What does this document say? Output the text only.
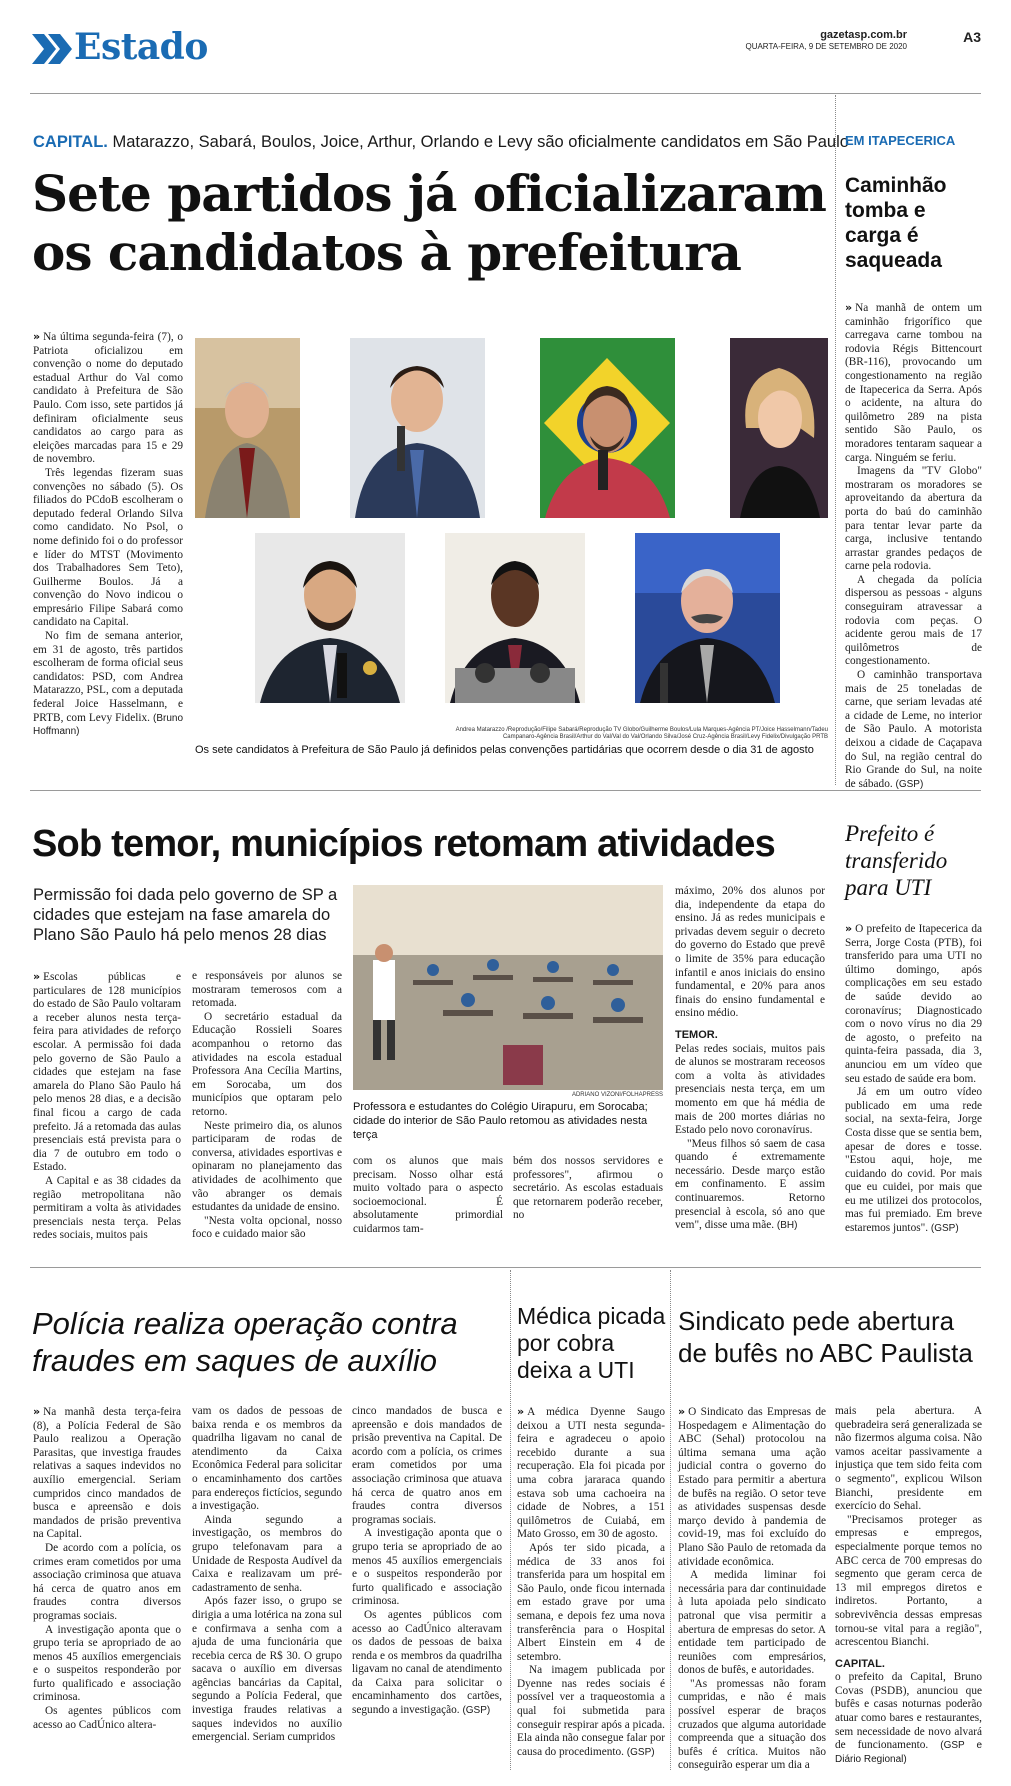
Estado	gazetasp.com.br
QUARTA-FEIRA, 9 DE SETEMBRO DE 2020
A3
CAPITAL. Matarazzo, Sabará, Boulos, Joice, Arthur, Orlando e Levy são oficialmente candidatos em São Paulo
Sete partidos já oficializaram
os candidatos à prefeitura

» Na última segunda-feira (7), o Patriota oficializou em convenção o nome do deputado estadual Arthur do Val como candidato à Prefeitura de São Paulo. Com isso, sete partidos já definiram oficialmente seus candidatos ao cargo para as eleições marcadas para 15 e 29 de novembro.

Três legendas fizeram suas convenções no sábado (5). Os filiados do PCdoB escolheram o deputado federal Orlando Silva como candidato. No Psol, o nome definido foi o do professor e líder do MTST (Movimento dos Trabalhadores Sem Teto), Guilherme Boulos. Já a convenção do Novo indicou o empresário Filipe Sabará como candidato na Capital.

No fim de semana anterior, em 31 de agosto, três partidos escolheram de forma oficial seus candidatos: PSD, com Andrea Matarazzo, PSL, com a deputada federal Joice Hasselmann, e PRTB, com Levy Fidelix. (Bruno Hoffmann)	Andrea Matarazzo /Reprodução/Filipe Sabará/Reprodução TV Globo/Guilherme Boulos/Lula Marques-Agência PT/Joice Hasselmann/Tadeu
Campanaro-Agência Brasil/Arthur do Val/Val do Val/Orlando Silva/José Cruz-Agência Brasil/Levy Fidelix/Divulgação PRTB
Os sete candidatos à Prefeitura de São Paulo já definidos pelas convenções partidárias que ocorrem desde o dia 31 de agosto
EM ITAPECERICA
Caminhão
tomba e
carga é
saqueada

» Na manhã de ontem um caminhão frigorífico que carregava carne tombou na rodovia Régis Bittencourt (BR-116), provocando um congestionamento na região de Itapecerica da Serra. Após o acidente, na altura do quilômetro 289 na pista sentido São Paulo, os moradores tentaram saquear a carga. Ninguém se feriu.

Imagens da "TV Globo" mostraram os moradores se aproveitando da abertura da porta do baú do caminhão para tentar levar parte da carga, inclusive tentando arrastar grandes pedaços de carne pela rodovia.

A chegada da polícia dispersou as pessoas - alguns conseguiram atravessar a rodovia com peças. O acidente gerou mais de 17 quilômetros de congestionamento.

O caminhão transportava mais de 25 toneladas de carne, que seriam levadas até a cidade de Leme, no interior de São Paulo. A motorista deixou a cidade de Caçapava do Sul, na região central do Rio Grande do Sul, na noite de sábado. (GSP)

Sob temor, municípios retomam atividades
Permissão foi dada pelo governo de SP a cidades que estejam na fase amarela do Plano São Paulo há pelo menos 28 dias

» Escolas públicas e particulares de 128 municípios do estado de São Paulo voltaram a receber alunos nesta terça-feira para atividades de reforço escolar. A permissão foi dada pelo governo de São Paulo a cidades que estejam na fase amarela do Plano São Paulo há pelo menos 28 dias, e a decisão final ficou a cargo de cada prefeito. Já a retomada das aulas presenciais está prevista para o dia 7 de outubro em todo o Estado.

A Capital e as 38 cidades da região metropolitana não permitiram a volta às atividades presenciais nesta terça. Pelas redes sociais, muitos pais

e responsáveis por alunos se mostraram temerosos com a retomada.

O secretário estadual da Educação Rossieli Soares acompanhou o retorno das atividades na escola estadual Professora Ana Cecília Martins, em Sorocaba, um dos municípios que optaram pelo retorno.

Neste primeiro dia, os alunos participaram de rodas de conversa, atividades esportivas e opinaram no planejamento das atividades de acolhimento que vão abranger os demais estudantes da unidade de ensino.

"Nesta volta opcional, nosso foco e cuidado maior são

ADRIANO VIZONI/FOLHAPRESS
Professora e estudantes do Colégio Uirapuru, em Sorocaba; cidade do interior de São Paulo retomou as atividades nesta terça

com os alunos que mais precisam. Nosso olhar está muito voltado para o aspecto socioemocional. É absolutamente primordial cuidarmos tam-

bém dos nossos servidores e professores", afirmou o secretário. As escolas estaduais que retornarem poderão receber, no

máximo, 20% dos alunos por dia, independente da etapa do ensino. Já as redes municipais e privadas devem seguir o decreto do governo do Estado que prevê o limite de 35% para educação infantil e anos iniciais do ensino fundamental, e 20% para anos finais do ensino fundamental e ensino médio.

TEMOR.

Pelas redes sociais, muitos pais de alunos se mostraram receosos com a volta às atividades presenciais nesta terça, em um momento em que há média de mais de 200 mortes diárias no Estado pelo novo coronavírus.

"Meus filhos só saem de casa quando é extremamente necessário. Desde março estão em confinamento. E assim continuaremos. Retorno presencial à escola, só ano que vem", disse uma mãe. (BH)

Prefeito é
transferido
para UTI

» O prefeito de Itapecerica da Serra, Jorge Costa (PTB), foi transferido para uma UTI no último domingo, após complicações em seu estado de saúde devido ao coronavírus; Diagnosticado com o novo vírus no dia 29 de agosto, o prefeito na quinta-feira passada, dia 3, anunciou em um vídeo que seu estado de saúde era bom.

Já em um outro vídeo publicado em uma rede social, na sexta-feira, Jorge Costa disse que se sentia bem, apesar de dores e tosse. "Estou aqui, hoje, me cuidando do covid. Por mais que eu cuidei, por mais que eu me utilizei dos protocolos, mas fui premiado. Em breve estaremos juntos". (GSP)

Polícia realiza operação contra
fraudes em saques de auxílio

» Na manhã desta terça-feira (8), a Polícia Federal de São Paulo realizou a Operação Parasitas, que investiga fraudes relativas a saques indevidos no auxílio emergencial. Seriam cumpridos cinco mandados de busca e apreensão e dois mandados de prisão preventiva na Capital.

De acordo com a polícia, os crimes eram cometidos por uma associação criminosa que atuava há cerca de quatro anos em fraudes contra diversos programas sociais.

A investigação aponta que o grupo teria se apropriado de ao menos 45 auxílios emergenciais e o suspeitos responderão por furto qualificado e associação criminosa.

Os agentes públicos com acesso ao CadÚnico altera-

vam os dados de pessoas de baixa renda e os membros da quadrilha ligavam no canal de atendimento da Caixa Econômica Federal para solicitar o encaminhamento dos cartões para endereços fictícios, segundo a investigação.

Ainda segundo a investigação, os membros do grupo telefonavam para a Unidade de Resposta Audível da Caixa e realizavam um pré-cadastramento de senha.

Após fazer isso, o grupo se dirigia a uma lotérica na zona sul e confirmava a senha com a ajuda de uma funcionária que recebia cerca de R$ 30. O grupo sacava o auxílio em diversas agências bancárias da Capital, segundo a Polícia Federal, que investiga fraudes relativas a saques indevidos no auxílio emergencial. Seriam cumpridos

cinco mandados de busca e apreensão e dois mandados de prisão preventiva na Capital. De acordo com a polícia, os crimes eram cometidos por uma associação criminosa que atuava há cerca de quatro anos em fraudes contra diversos programas sociais.

A investigação aponta que o grupo teria se apropriado de ao menos 45 auxílios emergenciais e o suspeitos responderão por furto qualificado e associação criminosa.

Os agentes públicos com acesso ao CadÚnico alteravam os dados de pessoas de baixa renda e os membros da quadrilha ligavam no canal de atendimento da Caixa para solicitar o encaminhamento dos cartões, segundo a investigação. (GSP)

Médica picada
por cobra
deixa a UTI

» A médica Dyenne Saugo deixou a UTI nesta segunda-feira e agradeceu o apoio recebido durante a sua recuperação. Ela foi picada por uma cobra jararaca quando estava sob uma cachoeira na cidade de Nobres, a 151 quilômetros de Cuiabá, em Mato Grosso, em 30 de agosto.

Após ter sido picada, a médica de 33 anos foi transferida para um hospital em São Paulo, onde ficou internada em estado grave por uma semana, e depois fez uma nova transferência para o Hospital Albert Einstein em 4 de setembro.

Na imagem publicada por Dyenne nas redes sociais é possível ver a traqueostomia a qual foi submetida para conseguir respirar após a picada. Ela ainda não consegue falar por causa do procedimento. (GSP)

Sindicato pede abertura
de bufês no ABC Paulista

» O Sindicato das Empresas de Hospedagem e Alimentação do ABC (Sehal) protocolou na última semana uma ação judicial contra o governo do Estado para permitir a abertura de bufês na região. O setor teve as atividades suspensas desde março devido à pandemia de covid-19, mas foi excluído do Plano São Paulo de retomada da atividade econômica.

A medida liminar foi necessária para dar continuidade à luta apoiada pelo sindicato patronal que visa permitir a abertura de empresas do setor. A entidade tem participado de reuniões com empresários, donos de bufês, e autoridades.

"As promessas não foram cumpridas, e não é mais possível esperar de braços cruzados que alguma autoridade compreenda que a situação dos bufês é crítica. Muitos não conseguirão esperar um dia a

mais pela abertura. A quebradeira será generalizada se não fizermos alguma coisa. Não vamos aceitar passivamente a injustiça que tem sido feita com o segmento", explicou Wilson Bianchi, presidente em exercício do Sehal.

"Precisamos proteger as empresas e empregos, especialmente porque temos no ABC cerca de 700 empresas do segmento que geram cerca de 13 mil empregos diretos e indiretos. Portanto, a sobrevivência dessas empresas tornou-se vital para a região", acrescentou Bianchi.

CAPITAL.

o prefeito da Capital, Bruno Covas (PSDB), anunciou que bufês e casas noturnas poderão atuar como bares e restaurantes, sem necessidade de novo alvará de funcionamento. (GSP e Diário Regional)
